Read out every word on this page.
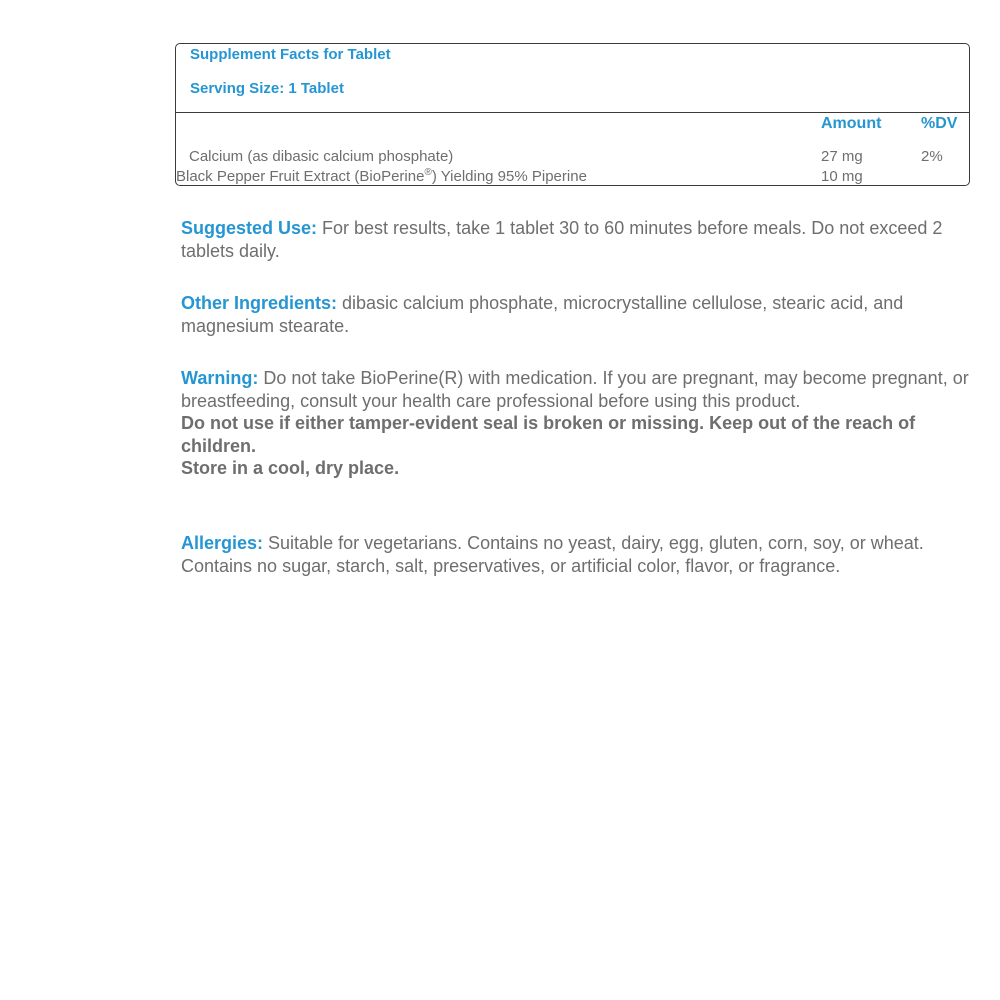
Supplement Facts for Tablet
Serving Size: 1 Tablet
Amount %DV
Calcium (as dibasic calcium phosphate)	27 mg	2%
Black Pepper Fruit Extract (BioPerine®) Yielding 95% Piperine	10 mg
Suggested Use: For best results, take 1 tablet 30 to 60 minutes before meals. Do not exceed 2 tablets daily.
Other Ingredients: dibasic calcium phosphate, microcrystalline cellulose, stearic acid, and magnesium stearate.
Warning: Do not take BioPerine(R) with medication. If you are pregnant, may become pregnant, or breastfeeding, consult your health care professional before using this product.
Do not use if either tamper-evident seal is broken or missing. Keep out of the reach of children.
Store in a cool, dry place.
Allergies: Suitable for vegetarians. Contains no yeast, dairy, egg, gluten, corn, soy, or wheat. Contains no sugar, starch, salt, preservatives, or artificial color, flavor, or fragrance.
